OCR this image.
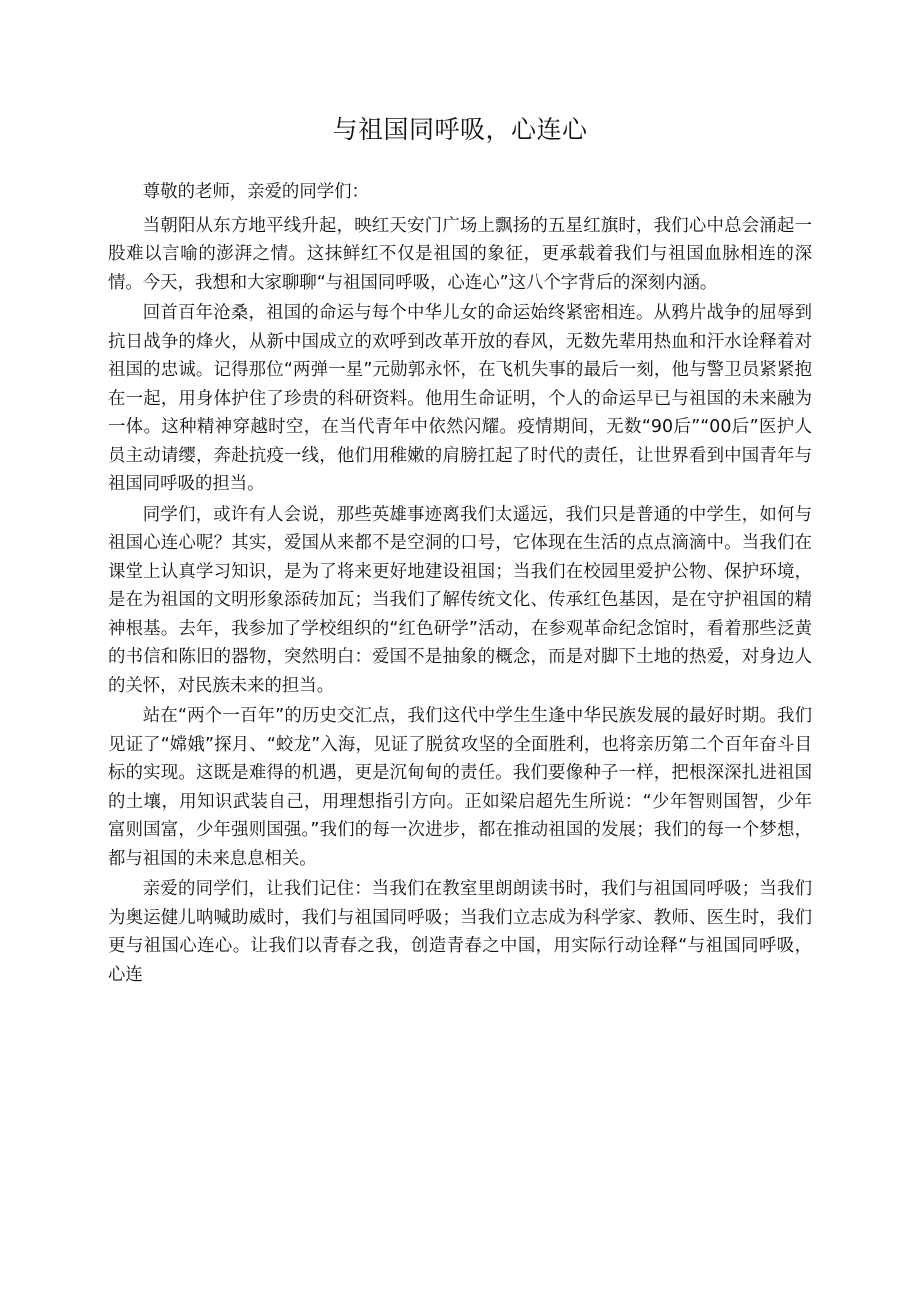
与祖国同呼吸，心连心

尊敬的老师，亲爱的同学们：

当朝阳从东方地平线升起，映红天安门广场上飘扬的五星红旗时，我们心中总会涌起一股难以言喻的澎湃之情。这抹鲜红不仅是祖国的象征，更承载着我们与祖国血脉相连的深情。今天，我想和大家聊聊“与祖国同呼吸，心连心”这八个字背后的深刻内涵。

回首百年沧桑，祖国的命运与每个中华儿女的命运始终紧密相连。从鸦片战争的屈辱到抗日战争的烽火，从新中国成立的欢呼到改革开放的春风，无数先辈用热血和汗水诠释着对祖国的忠诚。记得那位“两弹一星”元勋郭永怀，在飞机失事的最后一刻，他与警卫员紧紧抱在一起，用身体护住了珍贵的科研资料。他用生命证明，个人的命运早已与祖国的未来融为一体。这种精神穿越时空，在当代青年中依然闪耀。疫情期间，无数“90后”“00后”医护人员主动请缨，奔赴抗疫一线，他们用稚嫩的肩膀扛起了时代的责任，让世界看到中国青年与祖国同呼吸的担当。

同学们，或许有人会说，那些英雄事迹离我们太遥远，我们只是普通的中学生，如何与祖国心连心呢？其实，爱国从来都不是空洞的口号，它体现在生活的点点滴滴中。当我们在课堂上认真学习知识，是为了将来更好地建设祖国；当我们在校园里爱护公物、保护环境，是在为祖国的文明形象添砖加瓦；当我们了解传统文化、传承红色基因，是在守护祖国的精神根基。去年，我参加了学校组织的“红色研学”活动，在参观革命纪念馆时，看着那些泛黄的书信和陈旧的器物，突然明白：爱国不是抽象的概念，而是对脚下土地的热爱，对身边人的关怀，对民族未来的担当。

站在“两个一百年”的历史交汇点，我们这代中学生生逢中华民族发展的最好时期。我们见证了“嫦娥”探月、“蛟龙”入海，见证了脱贫攻坚的全面胜利，也将亲历第二个百年奋斗目标的实现。这既是难得的机遇，更是沉甸甸的责任。我们要像种子一样，把根深深扎进祖国的土壤，用知识武装自己，用理想指引方向。正如梁启超先生所说：“少年智则国智，少年富则国富，少年强则国强。”我们的每一次进步，都在推动祖国的发展；我们的每一个梦想，都与祖国的未来息息相关。

亲爱的同学们，让我们记住：当我们在教室里朗朗读书时，我们与祖国同呼吸；当我们为奥运健儿呐喊助威时，我们与祖国同呼吸；当我们立志成为科学家、教师、医生时，我们更与祖国心连心。让我们以青春之我，创造青春之中国，用实际行动诠释“与祖国同呼吸，心连
